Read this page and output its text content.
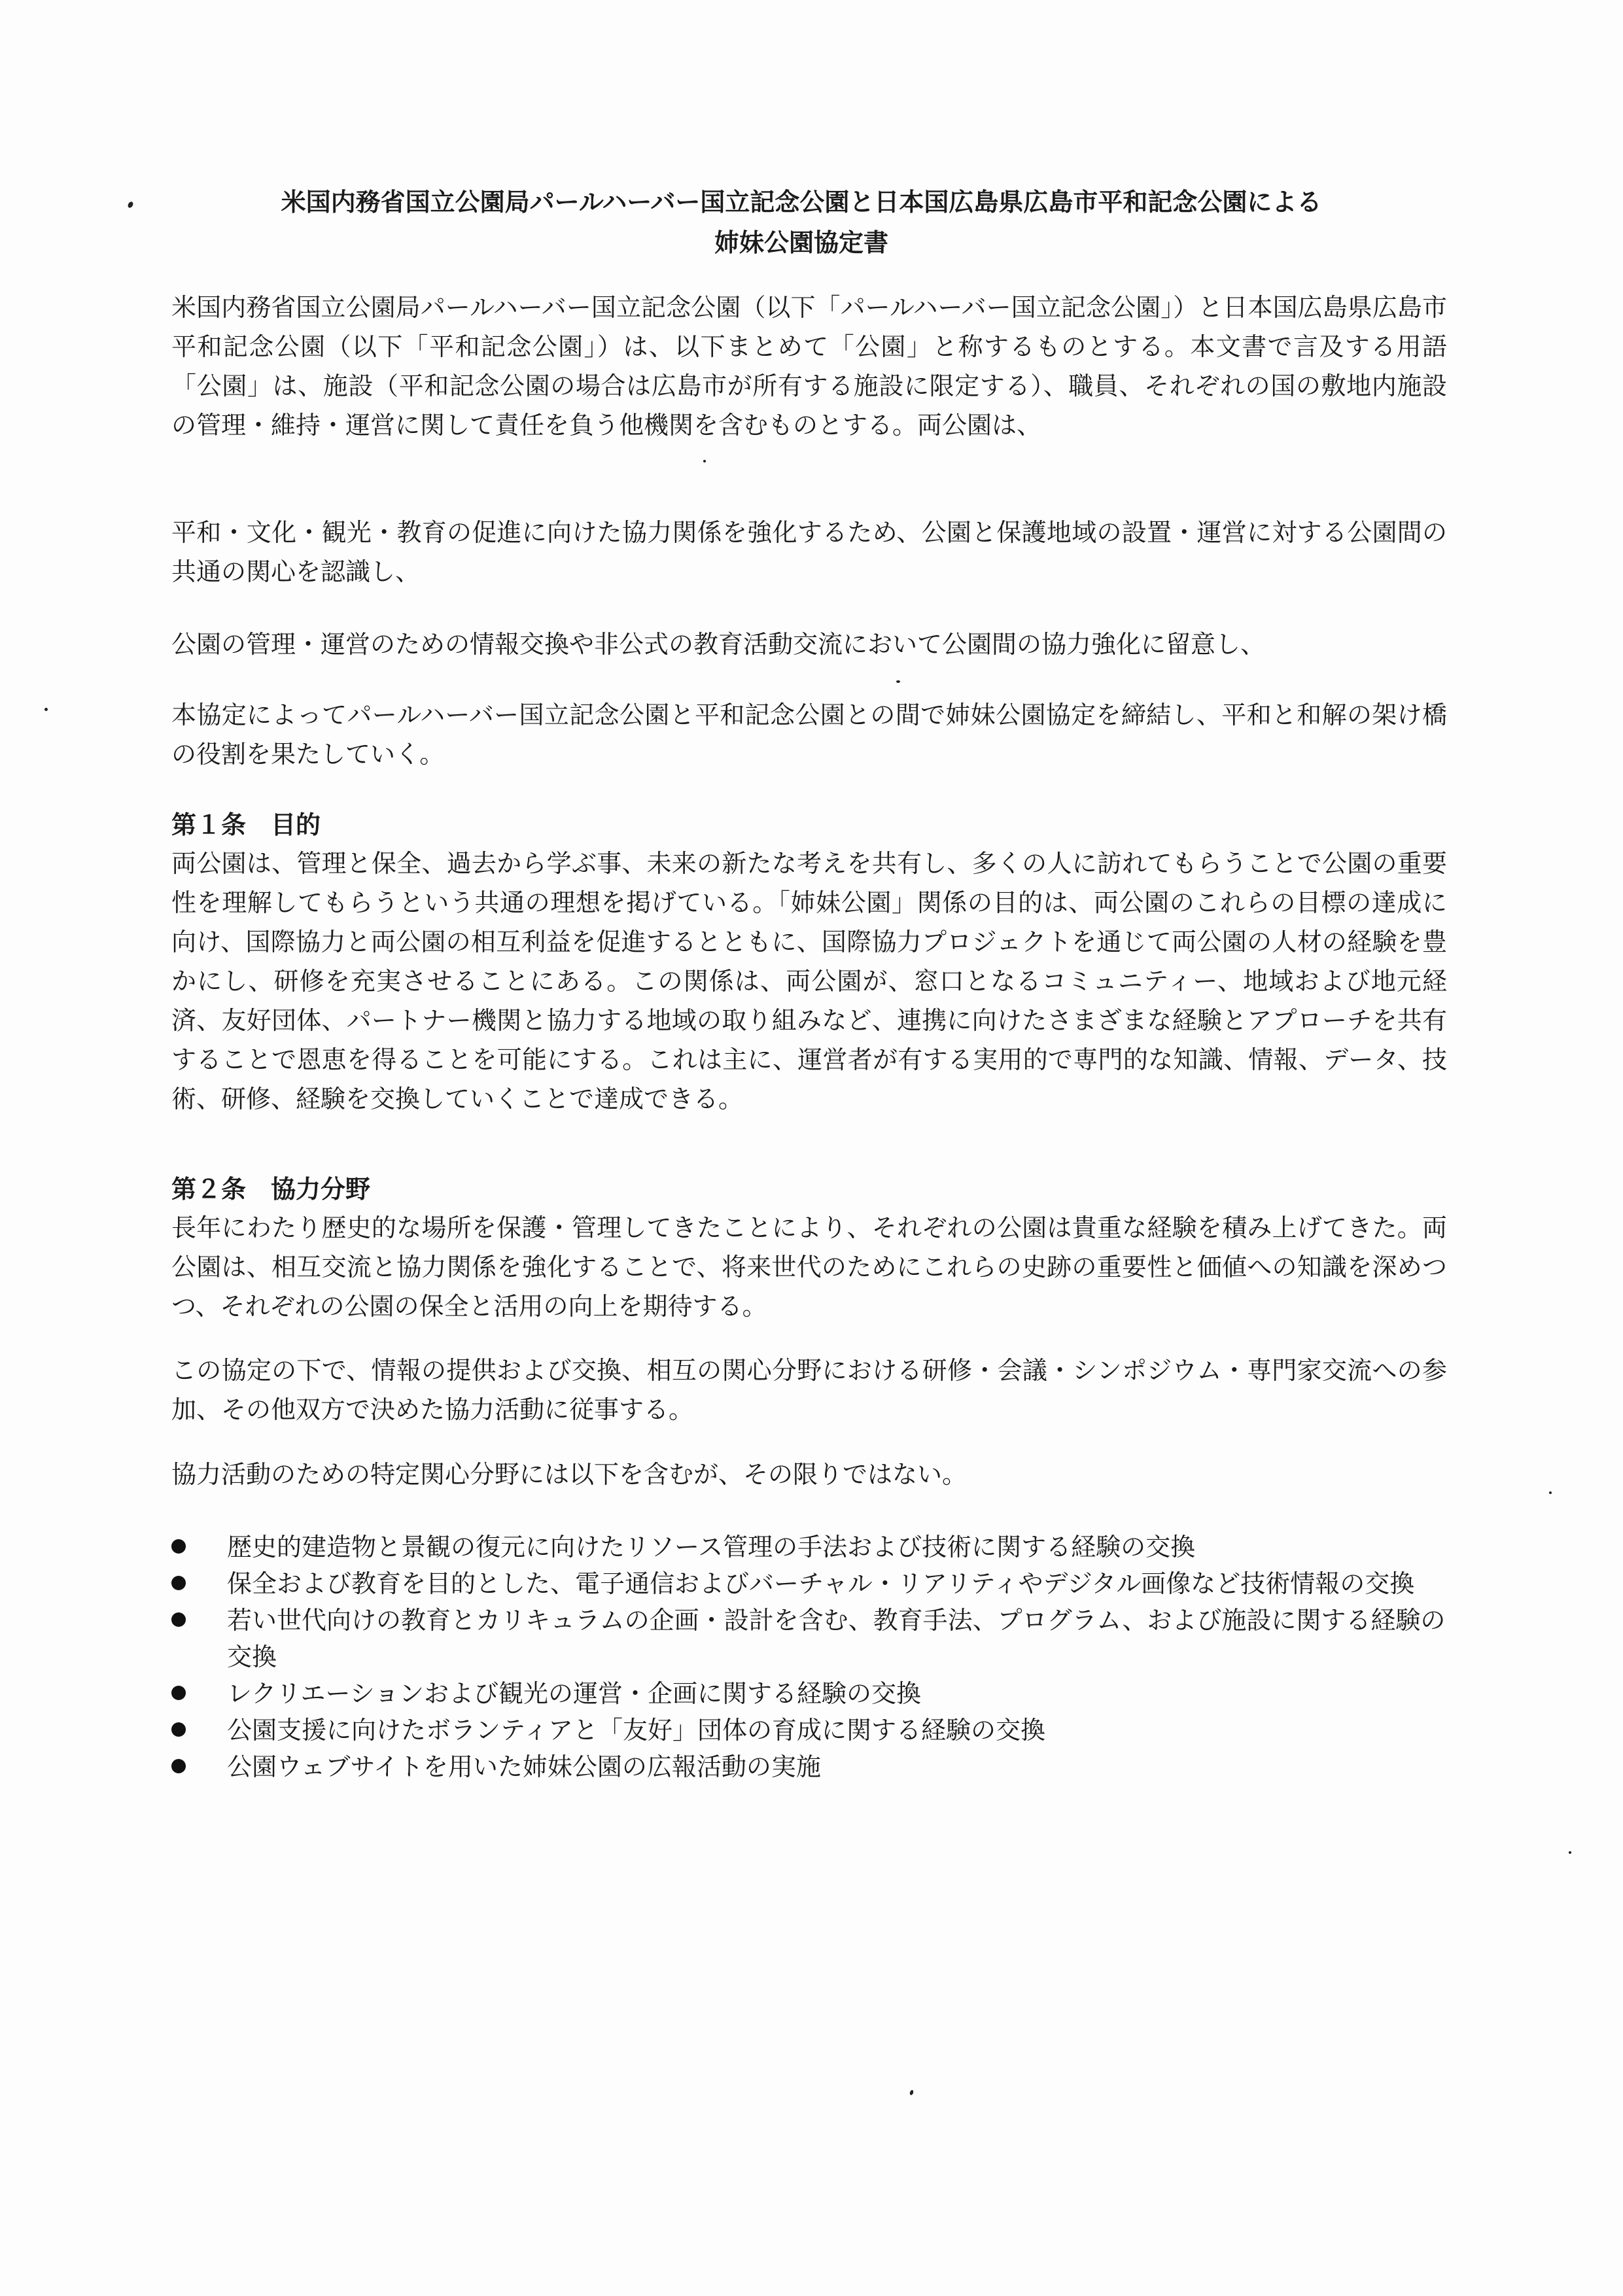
米国内務省国立公園局パールハーバー国立記念公園と日本国広島県広島市平和記念公園による
姉妹公園協定書
米国内務省国立公園局パールハーバー国立記念公園（以下「パールハーバー国立記念公園」）と日本国広島県広島市平和記念公園（以下「平和記念公園」）は、以下まとめて「公園」と称するものとする。本文書で言及する用語「公園」は、施設（平和記念公園の場合は広島市が所有する施設に限定する）、職員、それぞれの国の敷地内施設の管理・維持・運営に関して責任を負う他機関を含むものとする。両公園は、
平和・文化・観光・教育の促進に向けた協力関係を強化するため、公園と保護地域の設置・運営に対する公園間の共通の関心を認識し、
公園の管理・運営のための情報交換や非公式の教育活動交流において公園間の協力強化に留意し、
本協定によってパールハーバー国立記念公園と平和記念公園との間で姉妹公園協定を締結し、平和と和解の架け橋の役割を果たしていく。
第１条　目的
両公園は、管理と保全、過去から学ぶ事、未来の新たな考えを共有し、多くの人に訪れてもらうことで公園の重要性を理解してもらうという共通の理想を掲げている。「姉妹公園」関係の目的は、両公園のこれらの目標の達成に向け、国際協力と両公園の相互利益を促進するとともに、国際協力プロジェクトを通じて両公園の人材の経験を豊かにし、研修を充実させることにある。この関係は、両公園が、窓口となるコミュニティー、地域および地元経済、友好団体、パートナー機関と協力する地域の取り組みなど、連携に向けたさまざまな経験とアプローチを共有することで恩恵を得ることを可能にする。これは主に、運営者が有する実用的で専門的な知識、情報、データ、技術、研修、経験を交換していくことで達成できる。
第２条　協力分野
長年にわたり歴史的な場所を保護・管理してきたことにより、それぞれの公園は貴重な経験を積み上げてきた。両公園は、相互交流と協力関係を強化することで、将来世代のためにこれらの史跡の重要性と価値への知識を深めつつ、それぞれの公園の保全と活用の向上を期待する。
この協定の下で、情報の提供および交換、相互の関心分野における研修・会議・シンポジウム・専門家交流への参加、その他双方で決めた協力活動に従事する。
協力活動のための特定関心分野には以下を含むが、その限りではない。
歴史的建造物と景観の復元に向けたリソース管理の手法および技術に関する経験の交換
保全および教育を目的とした、電子通信およびバーチャル・リアリティやデジタル画像など技術情報の交換
若い世代向けの教育とカリキュラムの企画・設計を含む、教育手法、プログラム、および施設に関する経験の交換
レクリエーションおよび観光の運営・企画に関する経験の交換
公園支援に向けたボランティアと「友好」団体の育成に関する経験の交換
公園ウェブサイトを用いた姉妹公園の広報活動の実施
